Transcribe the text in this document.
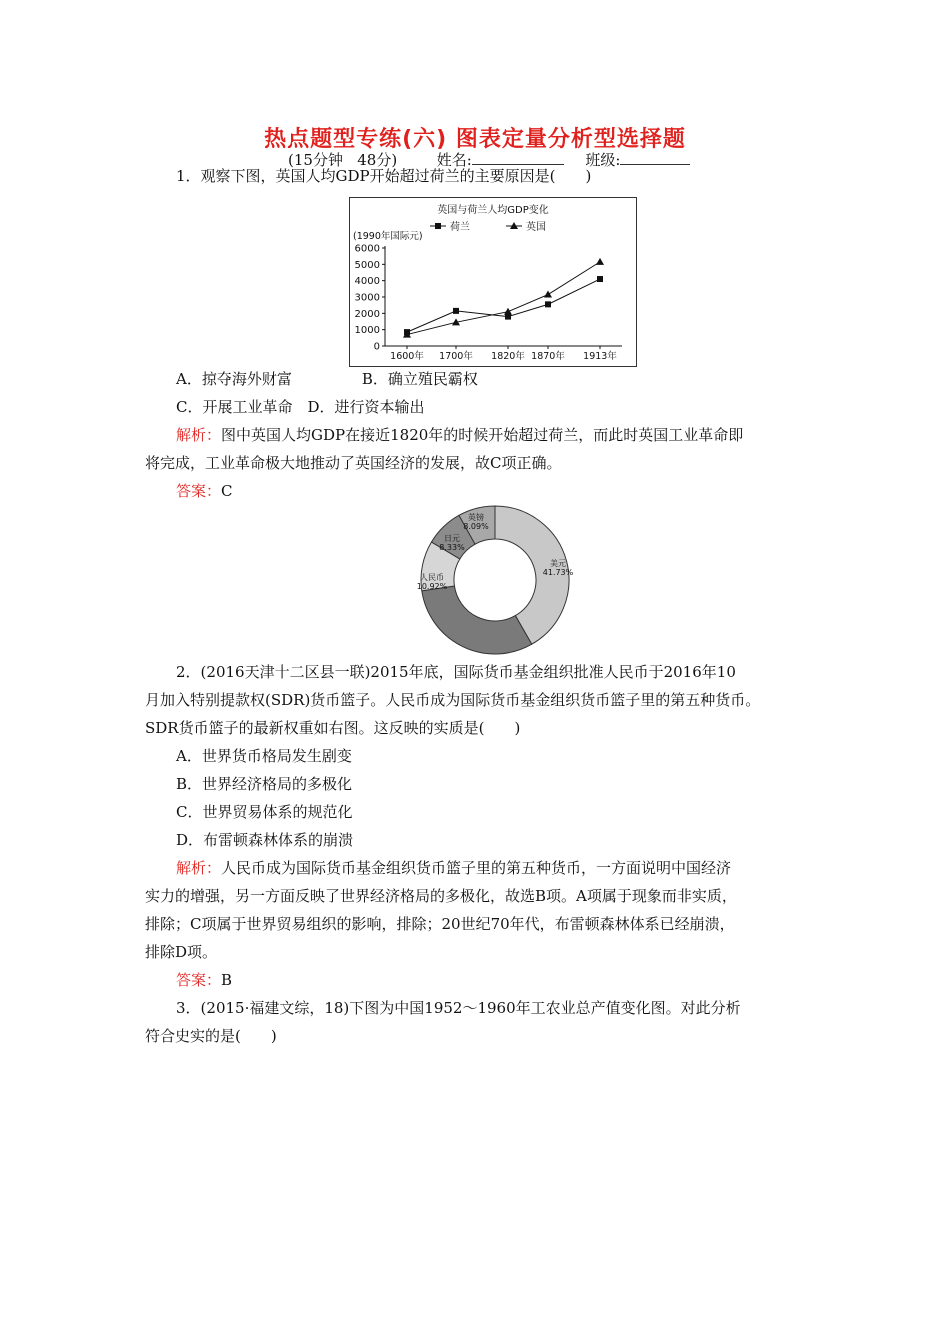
热点题型专练(六) 图表定量分析型选择题
(15分钟 48分)	姓名:	班级:
1．观察下图，英国人均GDP开始超过荷兰的主要原因是(　　)
英国与荷兰人均GDP变化
荷兰	英国
(1990年国际元)
0
1000
2000
3000
4000
5000
6000
1600年 1700年 1820年 1870年 1913年
A．掠夺海外财富	B．确立殖民霸权
C．开展工业革命　D．进行资本输出
解析：图中英国人均GDP在接近1820年的时候开始超过荷兰，而此时英国工业革命即
将完成，工业革命极大地推动了英国经济的发展，故C项正确。
答案：C
美元
41.73%
人民币
10.92%
日元
8.33%
英镑
8.09%
2．(2016天津十二区县一联)2015年底，国际货币基金组织批准人民币于2016年10
月加入特别提款权(SDR)货币篮子。人民币成为国际货币基金组织货币篮子里的第五种货币。
SDR货币篮子的最新权重如右图。这反映的实质是(　　)
A．世界货币格局发生剧变
B．世界经济格局的多极化
C．世界贸易体系的规范化
D．布雷顿森林体系的崩溃
解析：人民币成为国际货币基金组织货币篮子里的第五种货币，一方面说明中国经济
实力的增强，另一方面反映了世界经济格局的多极化，故选B项。A项属于现象而非实质，
排除；C项属于世界贸易组织的影响，排除；20世纪70年代，布雷顿森林体系已经崩溃，
排除D项。
答案：B
3．(2015·福建文综，18)下图为中国1952～1960年工农业总产值变化图。对此分析
符合史实的是(　　)
